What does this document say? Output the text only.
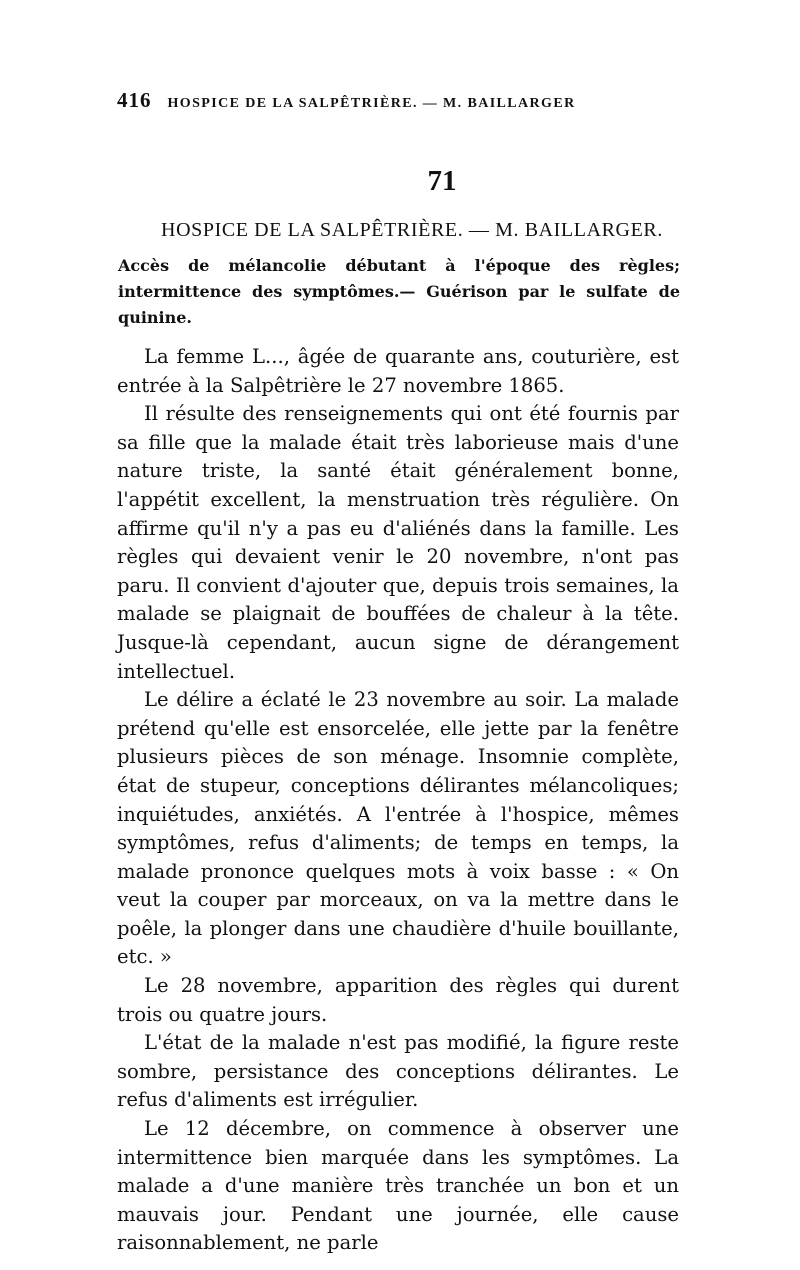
416 HOSPICE DE LA SALPÊTRIÈRE. — M. BAILLARGER
71
HOSPICE DE LA SALPÊTRIÈRE. — M. BAILLARGER.
Accès de mélancolie débutant à l'époque des règles; intermittence des symptômes.— Guérison par le sulfate de quinine.

La femme L..., âgée de quarante ans, couturière, est entrée à la Salpêtrière le 27 novembre 1865.

Il résulte des renseignements qui ont été fournis par sa fille que la malade était très laborieuse mais d'une nature triste, la santé était généralement bonne, l'appétit excellent, la menstruation très régulière. On affirme qu'il n'y a pas eu d'aliénés dans la famille. Les règles qui devaient venir le 20 novembre, n'ont pas paru. Il convient d'ajouter que, depuis trois semaines, la malade se plaignait de bouffées de chaleur à la tête. Jusque-là cependant, aucun signe de dérangement intellectuel.

Le délire a éclaté le 23 novembre au soir. La malade prétend qu'elle est ensorcelée, elle jette par la fenêtre plusieurs pièces de son ménage. Insomnie complète, état de stupeur, conceptions délirantes mélancoliques; inquiétudes, anxiétés. A l'entrée à l'hospice, mêmes symptômes, refus d'aliments; de temps en temps, la malade prononce quelques mots à voix basse : « On veut la couper par morceaux, on va la mettre dans le poêle, la plonger dans une chaudière d'huile bouillante, etc. »

Le 28 novembre, apparition des règles qui durent trois ou quatre jours.

L'état de la malade n'est pas modifié, la figure reste sombre, persistance des conceptions délirantes. Le refus d'aliments est irrégulier.

Le 12 décembre, on commence à observer une intermittence bien marquée dans les symptômes. La malade a d'une manière très tranchée un bon et un mauvais jour. Pendant une journée, elle cause raisonnablement, ne parle
